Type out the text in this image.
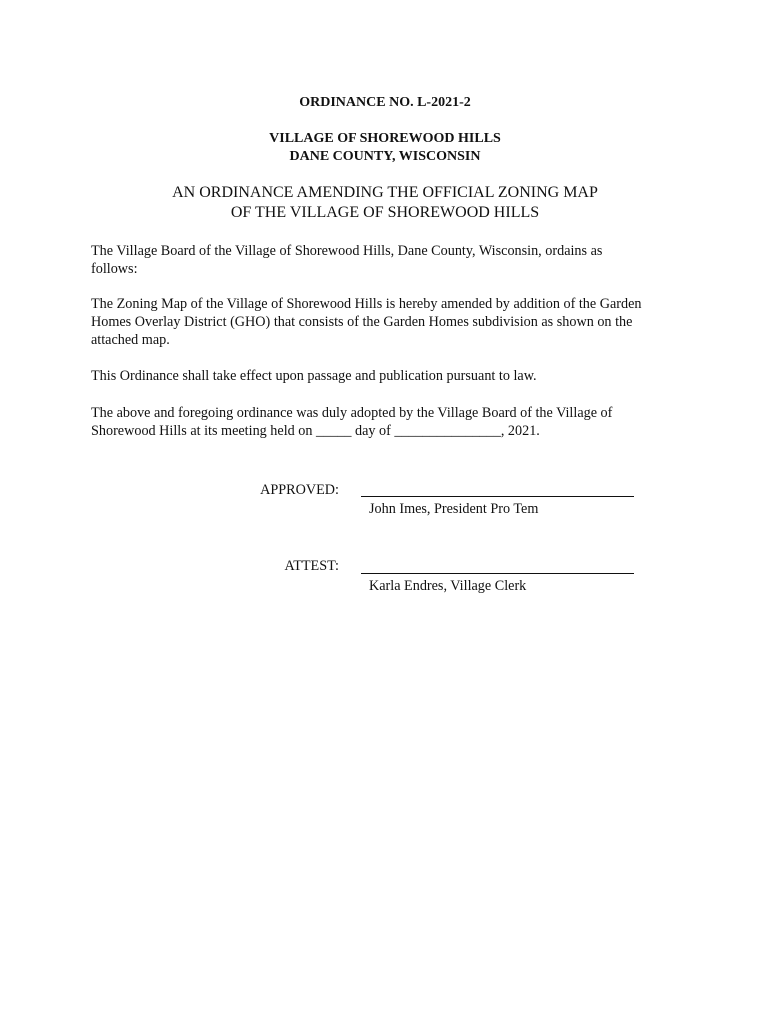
ORDINANCE NO. L-2021-2
VILLAGE OF SHOREWOOD HILLS
DANE COUNTY, WISCONSIN
AN ORDINANCE AMENDING THE OFFICIAL ZONING MAP
OF THE VILLAGE OF SHOREWOOD HILLS
The Village Board of the Village of Shorewood Hills, Dane County, Wisconsin, ordains as
follows:
The Zoning Map of the Village of Shorewood Hills is hereby amended by addition of the Garden
Homes Overlay District (GHO) that consists of the Garden Homes subdivision as shown on the
attached map.
This Ordinance shall take effect upon passage and publication pursuant to law.
The above and foregoing ordinance was duly adopted by the Village Board of the Village of
Shorewood Hills at its meeting held on _____ day of _______________, 2021.
APPROVED:
John Imes, President Pro Tem
ATTEST:
Karla Endres, Village Clerk
